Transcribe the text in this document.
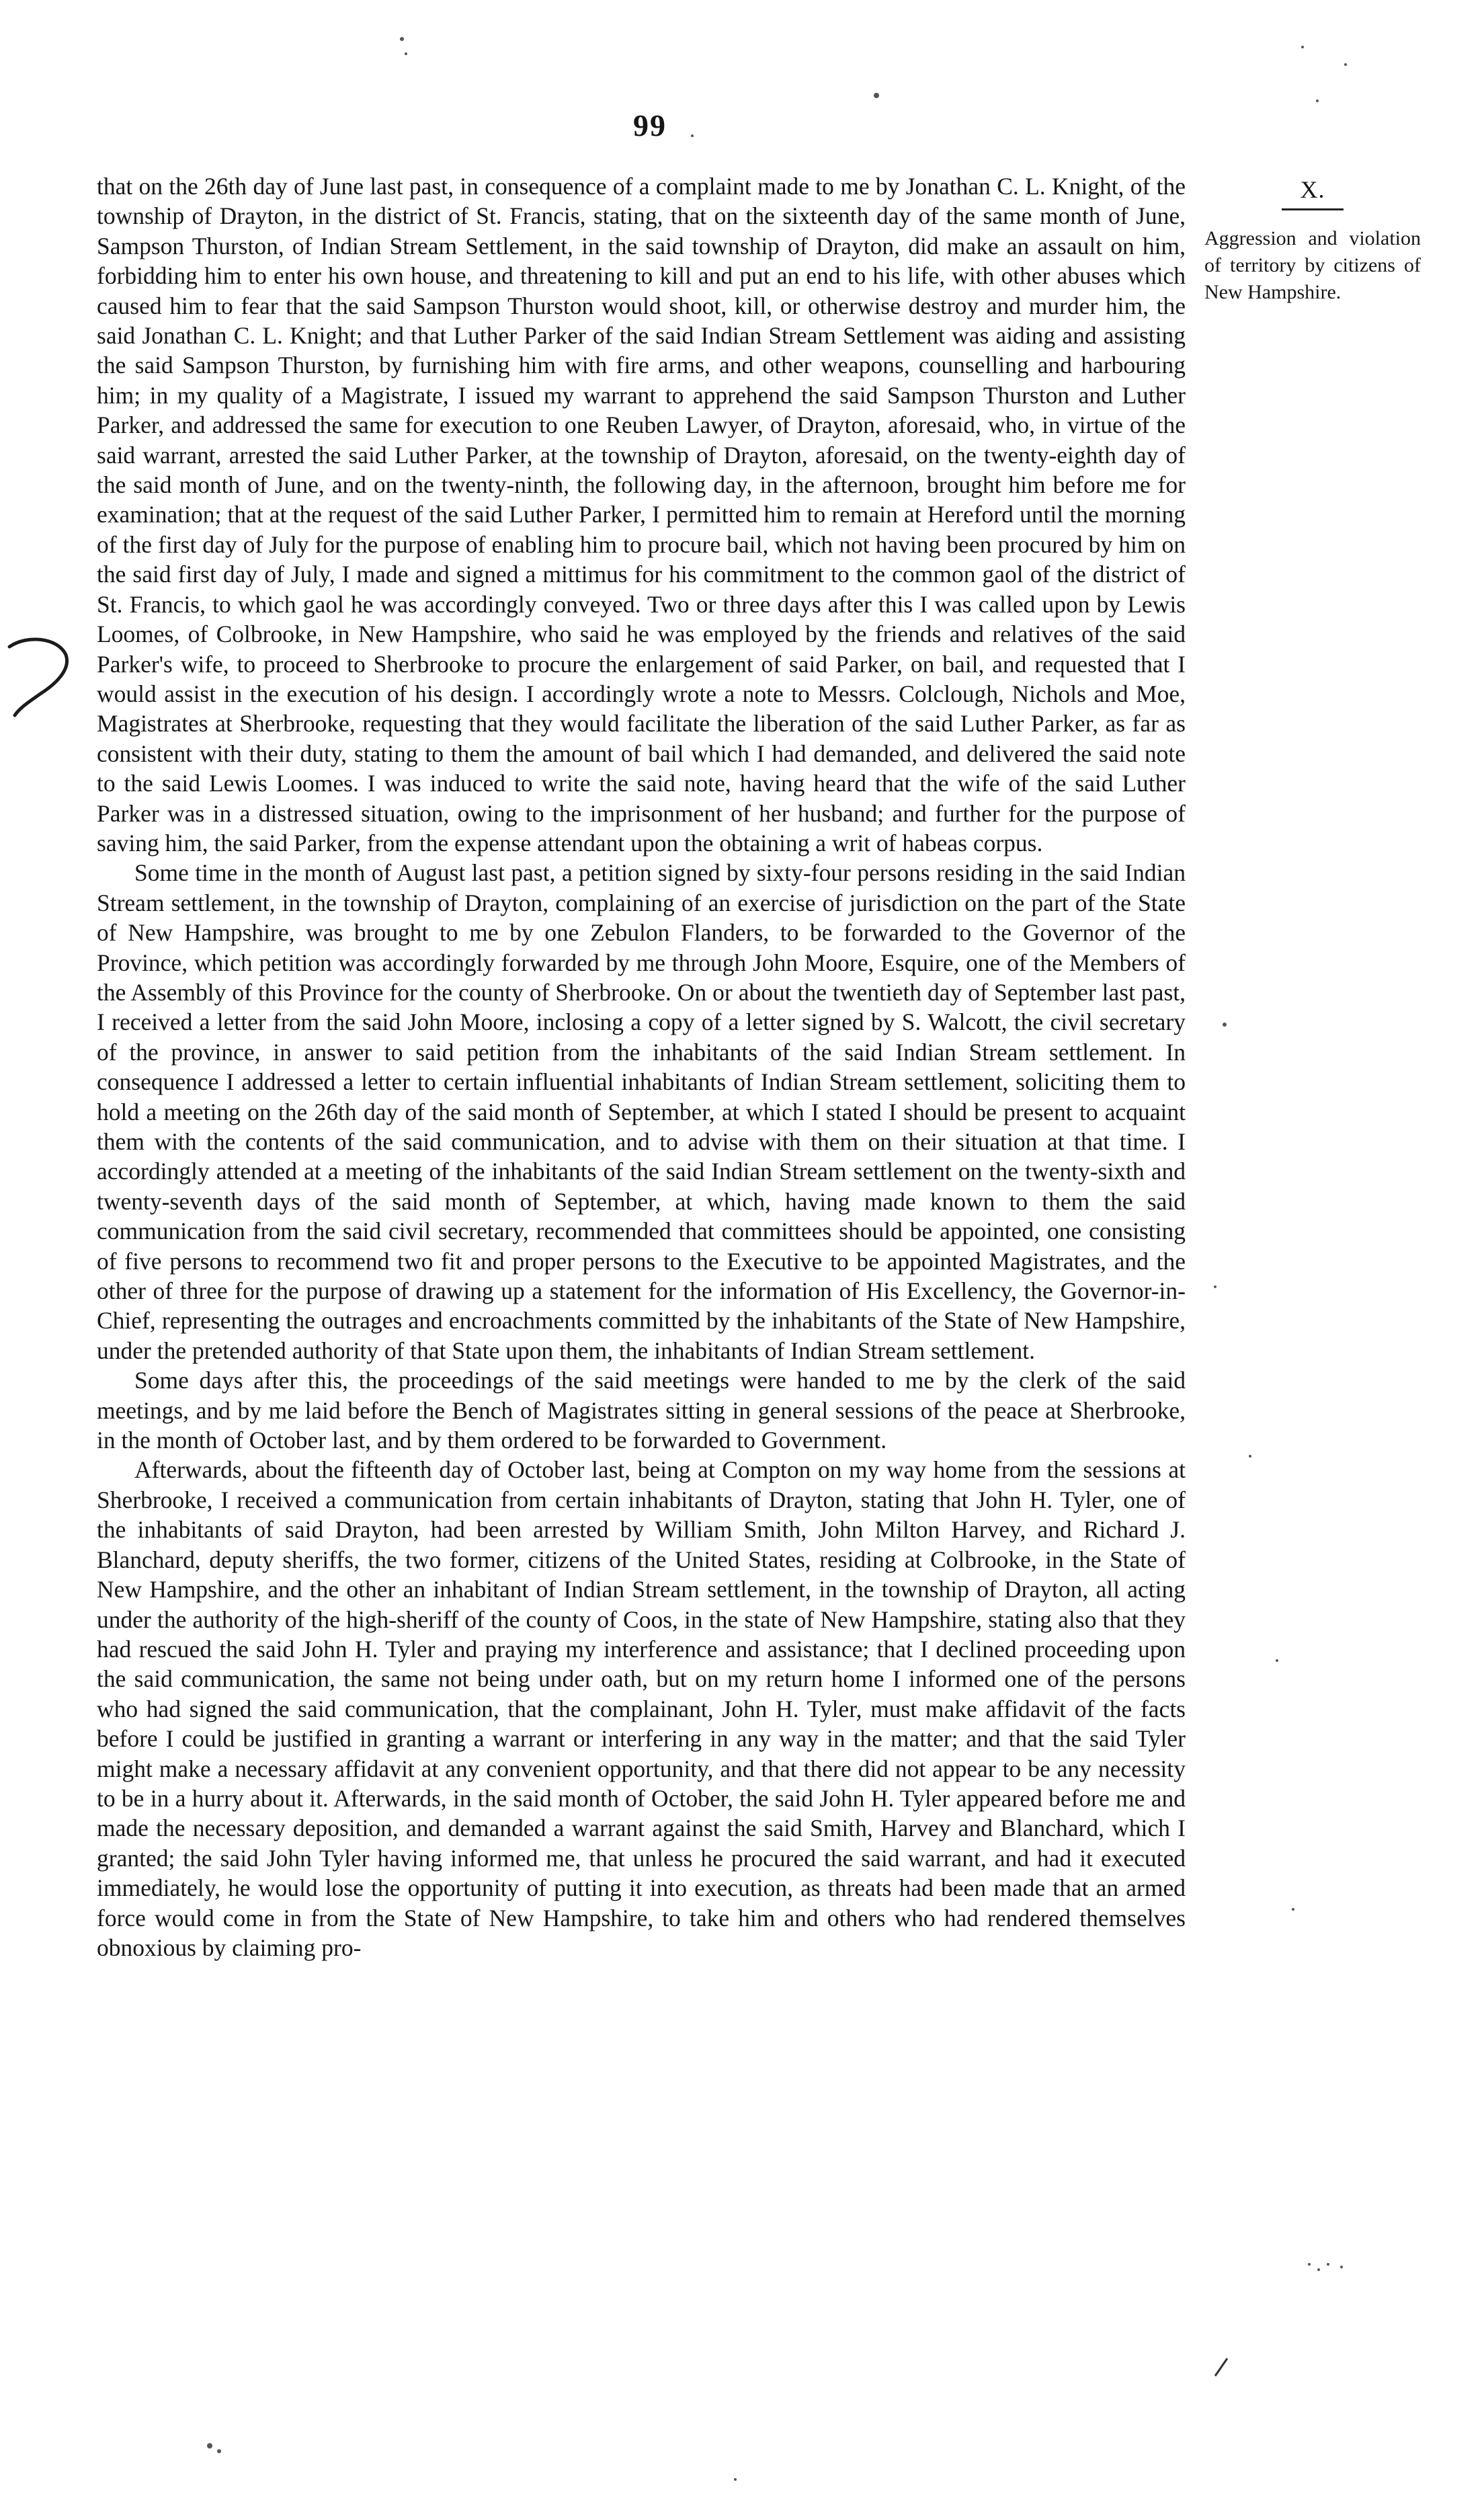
99

that on the 26th day of June last past, in consequence of a complaint made to me by Jonathan C. L. Knight, of the township of Drayton, in the district of St. Francis, stating, that on the sixteenth day of the same month of June, Sampson Thurston, of Indian Stream Settlement, in the said township of Drayton, did make an assault on him, forbidding him to enter his own house, and threatening to kill and put an end to his life, with other abuses which caused him to fear that the said Sampson Thurston would shoot, kill, or otherwise destroy and murder him, the said Jonathan C. L. Knight; and that Luther Parker of the said Indian Stream Settlement was aiding and assisting the said Sampson Thurston, by furnishing him with fire arms, and other weapons, counselling and harbouring him; in my quality of a Magistrate, I issued my warrant to apprehend the said Sampson Thurston and Luther Parker, and addressed the same for execution to one Reuben Lawyer, of Drayton, aforesaid, who, in virtue of the said warrant, arrested the said Luther Parker, at the township of Drayton, aforesaid, on the twenty-eighth day of the said month of June, and on the twenty-ninth, the following day, in the afternoon, brought him before me for examination; that at the request of the said Luther Parker, I permitted him to remain at Hereford until the morning of the first day of July for the purpose of enabling him to procure bail, which not having been procured by him on the said first day of July, I made and signed a mittimus for his commitment to the common gaol of the district of St. Francis, to which gaol he was accordingly conveyed. Two or three days after this I was called upon by Lewis Loomes, of Colbrooke, in New Hampshire, who said he was employed by the friends and relatives of the said Parker's wife, to proceed to Sherbrooke to procure the enlargement of said Parker, on bail, and requested that I would assist in the execution of his design. I accordingly wrote a note to Messrs. Colclough, Nichols and Moe, Magistrates at Sherbrooke, requesting that they would facilitate the liberation of the said Luther Parker, as far as consistent with their duty, stating to them the amount of bail which I had demanded, and delivered the said note to the said Lewis Loomes. I was induced to write the said note, having heard that the wife of the said Luther Parker was in a distressed situation, owing to the imprisonment of her husband; and further for the purpose of saving him, the said Parker, from the expense attendant upon the obtaining a writ of habeas corpus.

Some time in the month of August last past, a petition signed by sixty-four persons residing in the said Indian Stream settlement, in the township of Drayton, complaining of an exercise of jurisdiction on the part of the State of New Hampshire, was brought to me by one Zebulon Flanders, to be forwarded to the Governor of the Province, which petition was accordingly forwarded by me through John Moore, Esquire, one of the Members of the Assembly of this Province for the county of Sherbrooke. On or about the twentieth day of September last past, I received a letter from the said John Moore, inclosing a copy of a letter signed by S. Walcott, the civil secretary of the province, in answer to said petition from the inhabitants of the said Indian Stream settlement. In consequence I addressed a letter to certain influential inhabitants of Indian Stream settlement, soliciting them to hold a meeting on the 26th day of the said month of September, at which I stated I should be present to acquaint them with the contents of the said communication, and to advise with them on their situation at that time. I accordingly attended at a meeting of the inhabitants of the said Indian Stream settlement on the twenty-sixth and twenty-seventh days of the said month of September, at which, having made known to them the said communication from the said civil secretary, recommended that committees should be appointed, one consisting of five persons to recommend two fit and proper persons to the Executive to be appointed Magistrates, and the other of three for the purpose of drawing up a statement for the information of His Excellency, the Governor-in-Chief, representing the outrages and encroachments committed by the inhabitants of the State of New Hampshire, under the pretended authority of that State upon them, the inhabitants of Indian Stream settlement.

Some days after this, the proceedings of the said meetings were handed to me by the clerk of the said meetings, and by me laid before the Bench of Magistrates sitting in general sessions of the peace at Sherbrooke, in the month of October last, and by them ordered to be forwarded to Government.

Afterwards, about the fifteenth day of October last, being at Compton on my way home from the sessions at Sherbrooke, I received a communication from certain inhabitants of Drayton, stating that John H. Tyler, one of the inhabitants of said Drayton, had been arrested by William Smith, John Milton Harvey, and Richard J. Blanchard, deputy sheriffs, the two former, citizens of the United States, residing at Colbrooke, in the State of New Hampshire, and the other an inhabitant of Indian Stream settlement, in the township of Drayton, all acting under the authority of the high-sheriff of the county of Coos, in the state of New Hampshire, stating also that they had rescued the said John H. Tyler and praying my interference and assistance; that I declined proceeding upon the said communication, the same not being under oath, but on my return home I informed one of the persons who had signed the said communication, that the complainant, John H. Tyler, must make affidavit of the facts before I could be justified in granting a warrant or interfering in any way in the matter; and that the said Tyler might make a necessary affidavit at any convenient opportunity, and that there did not appear to be any necessity to be in a hurry about it. Afterwards, in the said month of October, the said John H. Tyler appeared before me and made the necessary deposition, and demanded a warrant against the said Smith, Harvey and Blanchard, which I granted; the said John Tyler having informed me, that unless he procured the said warrant, and had it executed immediately, he would lose the opportunity of putting it into execution, as threats had been made that an armed force would come in from the State of New Hampshire, to take him and others who had rendered themselves obnoxious by claiming pro-

X.
Aggression and violation of territory by citizens of New Hampshire.
